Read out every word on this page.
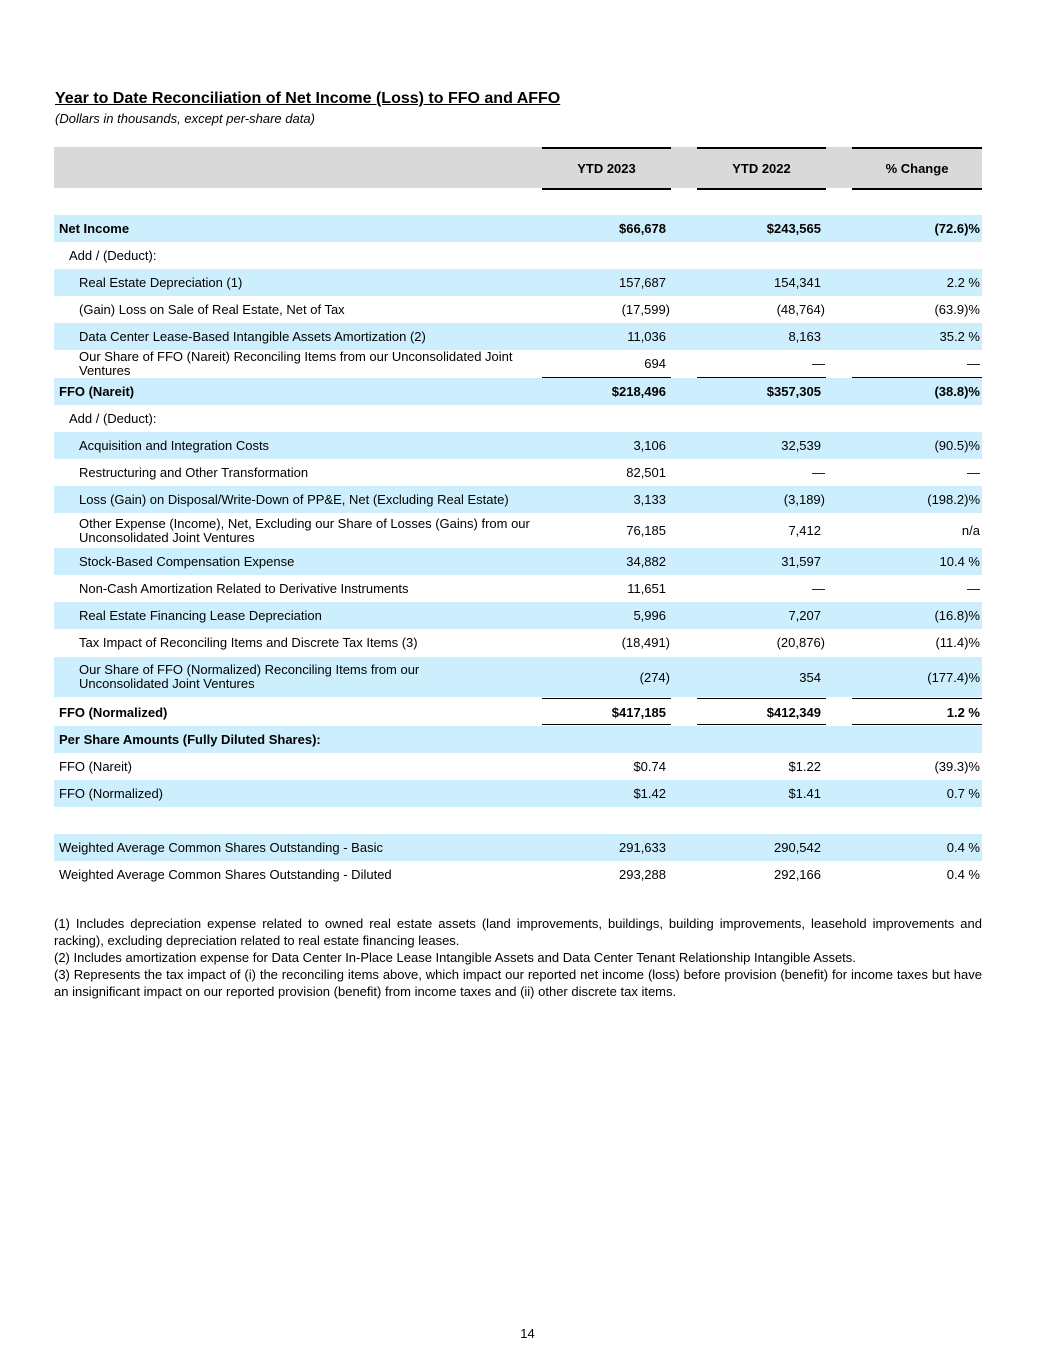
Year to Date Reconciliation of Net Income (Loss) to FFO and AFFO
(Dollars in thousands, except per-share data)
YTD 2023	YTD 2022	% Change
Net Income	$66,678	$243,565	(72.6)%
Add / (Deduct):
Real Estate Depreciation (1)	157,687	154,341	2.2 %
(Gain) Loss on Sale of Real Estate, Net of Tax	(17,599)	(48,764)	(63.9)%
Data Center Lease-Based Intangible Assets Amortization (2)	11,036	8,163	35.2 %
Our Share of FFO (Nareit) Reconciling Items from our Unconsolidated Joint Ventures	694	—	—
FFO (Nareit)	$218,496	$357,305	(38.8)%
Add / (Deduct):
Acquisition and Integration Costs	3,106	32,539	(90.5)%
Restructuring and Other Transformation	82,501	—	—
Loss (Gain) on Disposal/Write-Down of PP&E, Net (Excluding Real Estate)	3,133	(3,189)	(198.2)%
Other Expense (Income), Net, Excluding our Share of Losses (Gains) from our Unconsolidated Joint Ventures	76,185	7,412	n/a
Stock-Based Compensation Expense	34,882	31,597	10.4 %
Non-Cash Amortization Related to Derivative Instruments	11,651	—	—
Real Estate Financing Lease Depreciation	5,996	7,207	(16.8)%
Tax Impact of Reconciling Items and Discrete Tax Items (3)	(18,491)	(20,876)	(11.4)%
Our Share of FFO (Normalized) Reconciling Items from our Unconsolidated Joint Ventures	(274)	354	(177.4)%
FFO (Normalized)	$417,185	$412,349	1.2 %
Per Share Amounts (Fully Diluted Shares):
FFO (Nareit)	$0.74	$1.22	(39.3)%
FFO (Normalized)	$1.42	$1.41	0.7 %
Weighted Average Common Shares Outstanding - Basic	291,633	290,542	0.4 %
Weighted Average Common Shares Outstanding - Diluted	293,288	292,166	0.4 %

(1) Includes depreciation expense related to owned real estate assets (land improvements, buildings, building improvements, leasehold improvements and racking), excluding depreciation related to real estate financing leases.

(2) Includes amortization expense for Data Center In-Place Lease Intangible Assets and Data Center Tenant Relationship Intangible Assets.

(3) Represents the tax impact of (i) the reconciling items above, which impact our reported net income (loss) before provision (benefit) for income taxes but have an insignificant impact on our reported provision (benefit) from income taxes and (ii) other discrete tax items.

14
